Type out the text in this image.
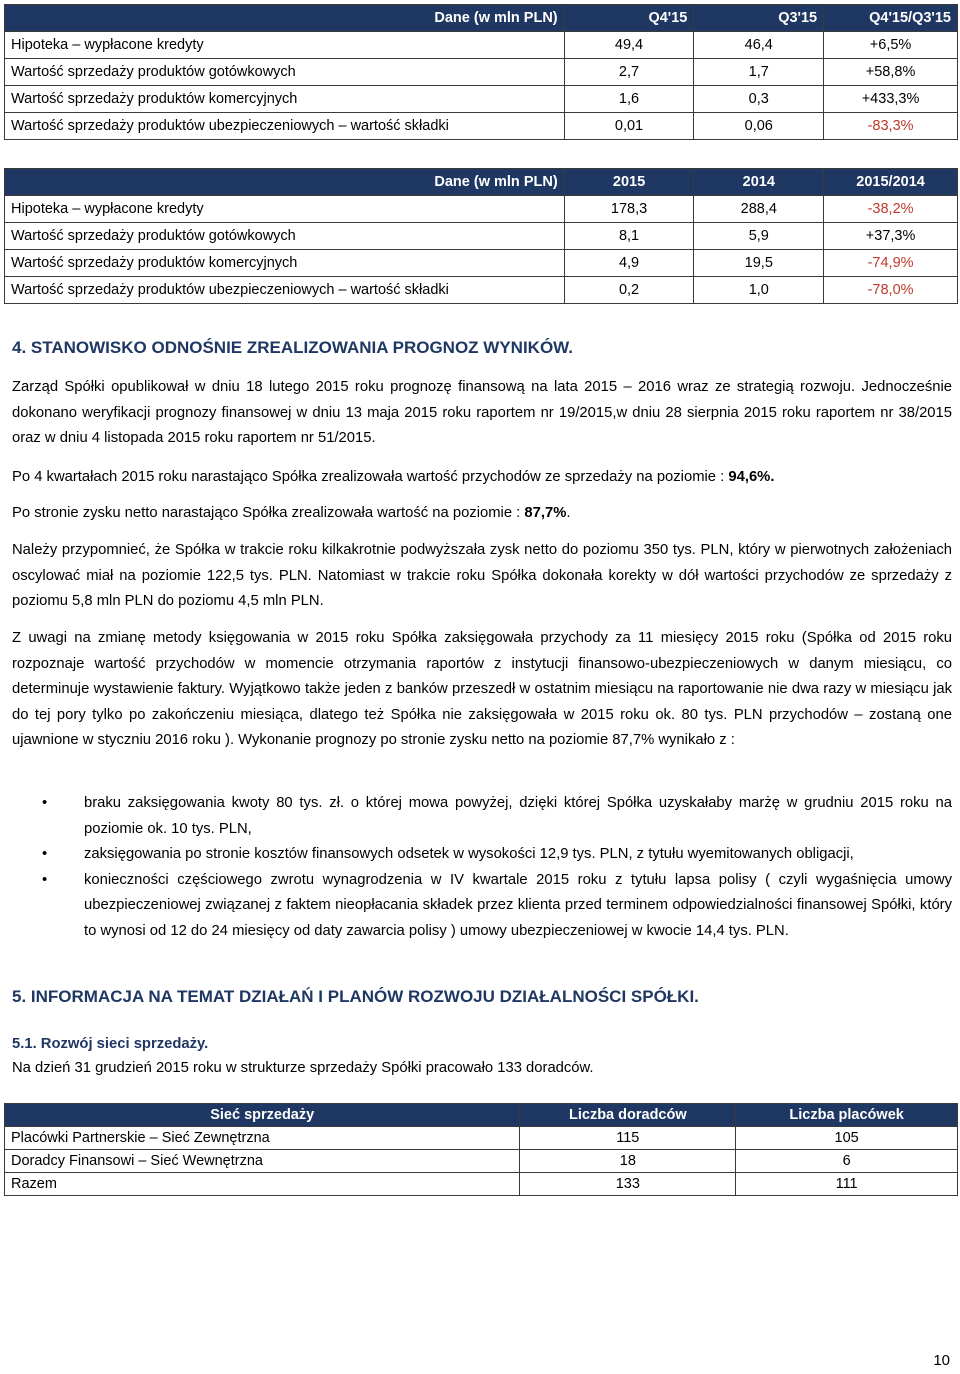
Dane (w mln PLN)	Q4'15	Q3'15	Q4'15/Q3'15
Hipoteka – wypłacone kredyty	49,4	46,4	+6,5%
Wartość sprzedaży produktów gotówkowych	2,7	1,7	+58,8%
Wartość sprzedaży produktów komercyjnych	1,6	0,3	+433,3%
Wartość sprzedaży produktów ubezpieczeniowych – wartość składki	0,01	0,06	-83,3%
Dane (w mln PLN)	2015	2014	2015/2014
Hipoteka – wypłacone kredyty	178,3	288,4	-38,2%
Wartość sprzedaży produktów gotówkowych	8,1	5,9	+37,3%
Wartość sprzedaży produktów komercyjnych	4,9	19,5	-74,9%
Wartość sprzedaży produktów ubezpieczeniowych – wartość składki	0,2	1,0	-78,0%
4. STANOWISKO ODNOŚNIE ZREALIZOWANIA PROGNOZ WYNIKÓW.

Zarząd Spółki opublikował w dniu 18 lutego 2015 roku prognozę finansową na lata 2015 – 2016 wraz ze strategią rozwoju. Jednocześnie dokonano weryfikacji prognozy finansowej w dniu 13 maja 2015 roku raportem nr 19/2015,w dniu 28 sierpnia 2015 roku raportem nr 38/2015 oraz w dniu 4 listopada 2015 roku raportem nr 51/2015.

Po 4 kwartałach 2015 roku narastająco Spółka zrealizowała wartość przychodów ze sprzedaży na poziomie : 94,6%.

Po stronie zysku netto narastająco Spółka zrealizowała wartość na poziomie : 87,7%.

Należy przypomnieć, że Spółka w trakcie roku kilkakrotnie podwyższała zysk netto do poziomu 350 tys. PLN, który w pierwotnych założeniach oscylować miał na poziomie 122,5 tys. PLN. Natomiast w trakcie roku Spółka dokonała korekty w dół wartości przychodów ze sprzedaży z poziomu 5,8 mln PLN do poziomu 4,5 mln PLN.

Z uwagi na zmianę metody księgowania w 2015 roku Spółka zaksięgowała przychody za 11 miesięcy 2015 roku (Spółka od 2015 roku rozpoznaje wartość przychodów w momencie otrzymania raportów z instytucji finansowo-ubezpieczeniowych w danym miesiącu, co determinuje wystawienie faktury. Wyjątkowo także jeden z banków przeszedł w ostatnim miesiącu na raportowanie nie dwa razy w miesiącu jak do tej pory tylko po zakończeniu miesiąca, dlatego też Spółka nie zaksięgowała w 2015 roku ok. 80 tys. PLN przychodów – zostaną one ujawnione w styczniu 2016 roku ). Wykonanie prognozy po stronie zysku netto na poziomie 87,7% wynikało z :

• braku zaksięgowania kwoty 80 tys. zł. o której mowa powyżej, dzięki której Spółka uzyskałaby marżę w grudniu 2015 roku na poziomie ok. 10 tys. PLN,
• zaksięgowania po stronie kosztów finansowych odsetek w wysokości 12,9 tys. PLN, z tytułu wyemitowanych obligacji,
• konieczności częściowego zwrotu wynagrodzenia w IV kwartale 2015 roku z tytułu lapsa polisy ( czyli wygaśnięcia umowy ubezpieczeniowej związanej z faktem nieopłacania składek przez klienta przed terminem odpowiedzialności finansowej Spółki, który to wynosi od 12 do 24 miesięcy od daty zawarcia polisy ) umowy ubezpieczeniowej w kwocie 14,4 tys. PLN.
5. INFORMACJA NA TEMAT DZIAŁAŃ I PLANÓW ROZWOJU DZIAŁALNOŚCI SPÓŁKI.

5.1. Rozwój sieci sprzedaży.

Na dzień 31 grudzień 2015 roku w strukturze sprzedaży Spółki pracowało 133 doradców.

Sieć sprzedaży	Liczba doradców	Liczba placówek
Placówki Partnerskie – Sieć Zewnętrzna	115	105
Doradcy Finansowi – Sieć Wewnętrzna	18	6
Razem	133	111
10
